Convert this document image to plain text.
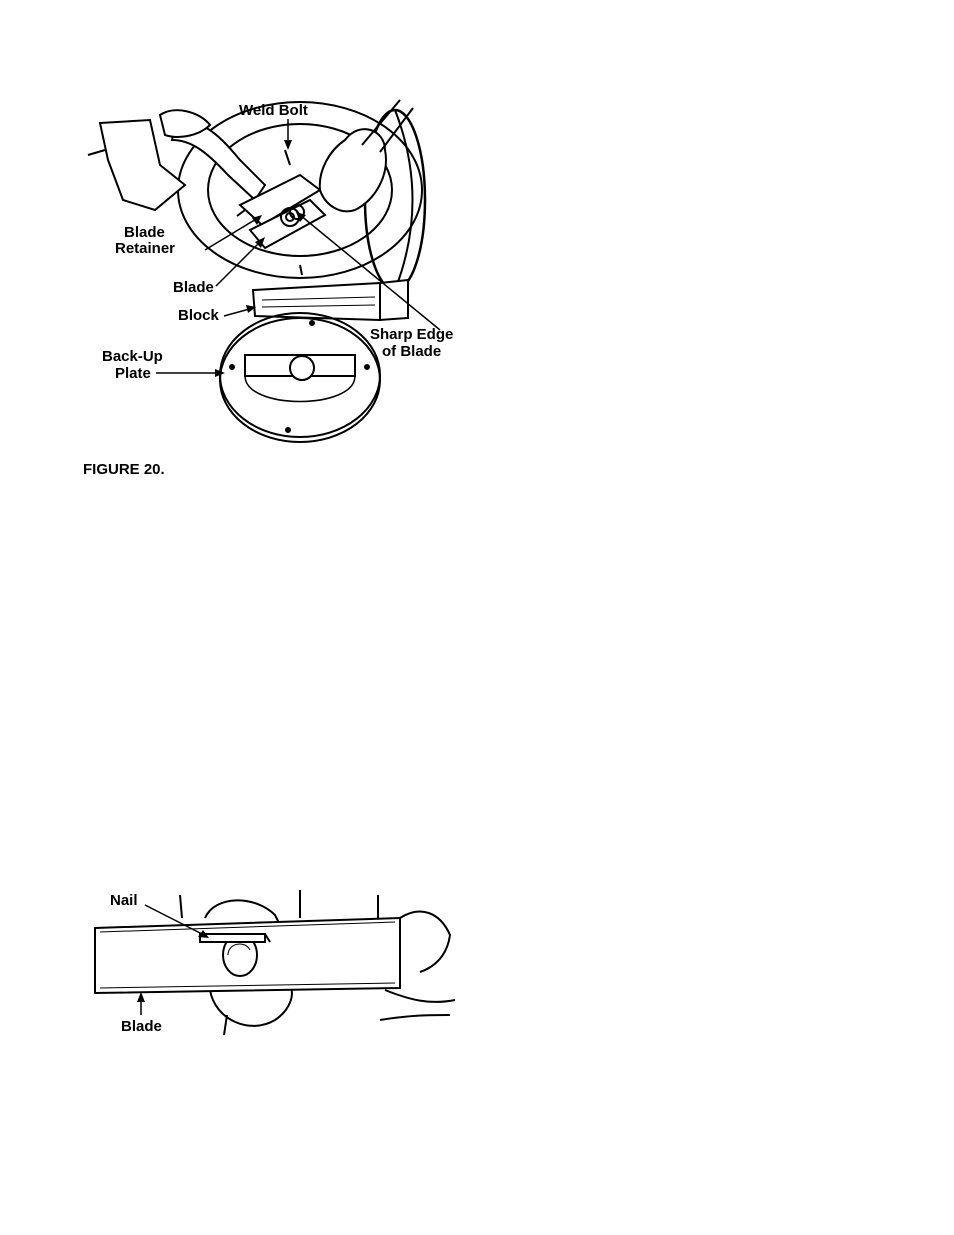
Weld Bolt
Blade
Retainer
Blade
Block
Sharp Edge
of Blade
Back-Up
Plate
FIGURE 20.
Nail
Blade
